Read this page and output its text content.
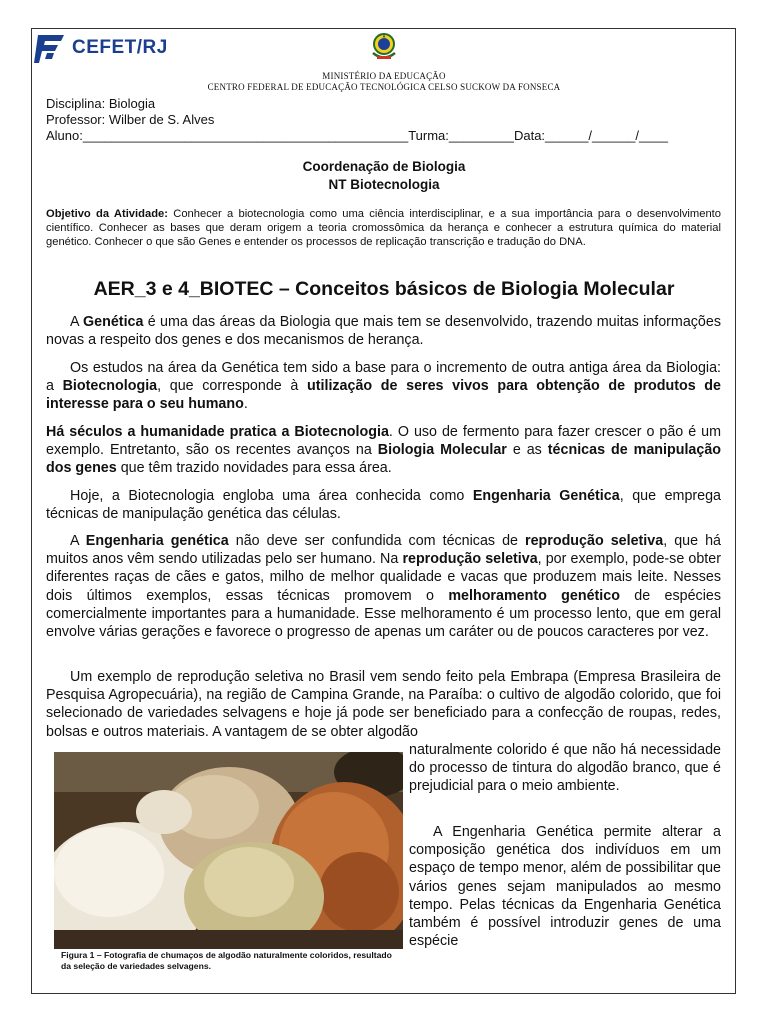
CEFET/RJ
MINISTÉRIO DA EDUCAÇÃO
CENTRO FEDERAL DE EDUCAÇÃO TECNOLÓGICA CELSO SUCKOW DA FONSECA
Disciplina: Biologia
Professor: Wilber de S. Alves
Aluno:_____________________________________________Turma:_________Data:______/______/____
Coordenação de Biologia
NT Biotecnologia
Objetivo da Atividade: Conhecer a biotecnologia como uma ciência interdisciplinar, e a sua importância para o desenvolvimento científico. Conhecer as bases que deram origem a teoria cromossômica da herança e conhecer a estrutura química do material genético. Conhecer o que são Genes e entender os processos de replicação transcrição e tradução do DNA.
AER_3 e 4_BIOTEC – Conceitos básicos de Biologia Molecular

A Genética é uma das áreas da Biologia que mais tem se desenvolvido, trazendo muitas informações novas a respeito dos genes e dos mecanismos de herança.

Os estudos na área da Genética tem sido a base para o incremento de outra antiga área da Biologia: a Biotecnologia, que corresponde à utilização de seres vivos para obtenção de produtos de interesse para o seu humano.

Há séculos a humanidade pratica a Biotecnologia. O uso de fermento para fazer crescer o pão é um exemplo. Entretanto, são os recentes avanços na Biologia Molecular e as técnicas de manipulação dos genes que têm trazido novidades para essa área.

Hoje, a Biotecnologia engloba uma área conhecida como Engenharia Genética, que emprega técnicas de manipulação genética das células.

A Engenharia genética não deve ser confundida com técnicas de reprodução seletiva, que há muitos anos vêm sendo utilizadas pelo ser humano. Na reprodução seletiva, por exemplo, pode-se obter diferentes raças de cães e gatos, milho de melhor qualidade e vacas que produzem mais leite. Nesses dois últimos exemplos, essas técnicas promovem o melhoramento genético de espécies comercialmente importantes para a humanidade. Esse melhoramento é um processo lento, que em geral envolve várias gerações e favorece o progresso de apenas um caráter ou de poucos caracteres por vez.

Um exemplo de reprodução seletiva no Brasil vem sendo feito pela Embrapa (Empresa Brasileira de Pesquisa Agropecuária), na região de Campina Grande, na Paraíba: o cultivo de algodão colorido, que foi selecionado de variedades selvagens e hoje já pode ser beneficiado para a confecção de roupas, redes, bolsas e outros materiais. A vantagem de se obter algodão

naturalmente colorido é que não há necessidade do processo de tintura do algodão branco, que é prejudicial para o meio ambiente.

A Engenharia Genética permite alterar a composição genética dos indivíduos em um espaço de tempo menor, além de possibilitar que vários genes sejam manipulados ao mesmo tempo. Pelas técnicas da Engenharia Genética também é possível introduzir genes de uma espécie

Figura 1 – Fotografia de chumaços de algodão naturalmente coloridos, resultado da seleção de variedades selvagens.
